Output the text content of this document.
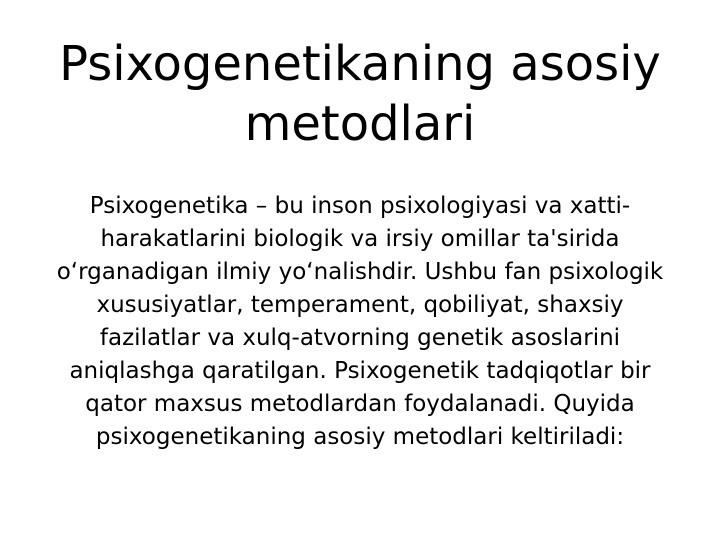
Psixogenetikaning asosiy metodlari

Psixogenetika – bu inson psixologiyasi va xatti-harakatlarini biologik va irsiy omillar ta'sirida oʻrganadigan ilmiy yoʻnalishdir. Ushbu fan psixologik xususiyatlar, temperament, qobiliyat, shaxsiy fazilatlar va xulq-atvorning genetik asoslarini aniqlashga qaratilgan. Psixogenetik tadqiqotlar bir qator maxsus metodlardan foydalanadi. Quyida psixogenetikaning asosiy metodlari keltiriladi:
